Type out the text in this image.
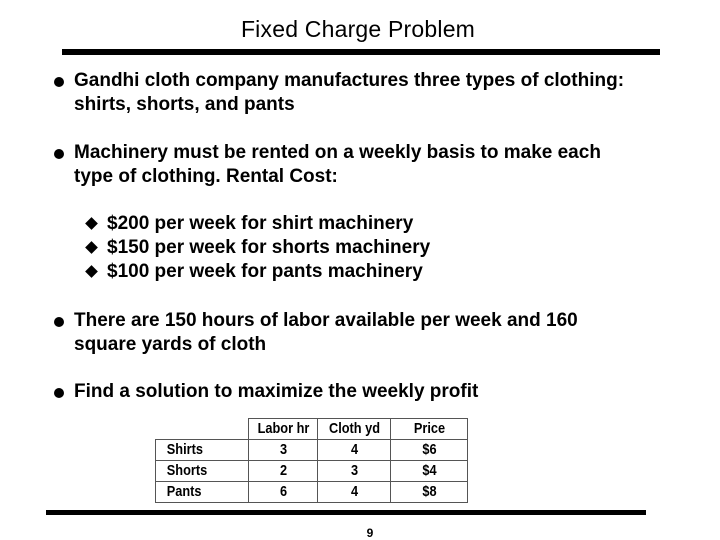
Fixed Charge Problem
Gandhi cloth company manufactures three types of clothing: shirts, shorts, and pants
Machinery must be rented on a weekly basis to make each type of clothing. Rental Cost:
$200 per week for shirt machinery
$150 per week for shorts machinery
$100 per week for pants machinery
There are 150 hours of labor available per week and 160 square yards of cloth
Find a solution to maximize the weekly profit
	Labor hr	Cloth yd	Price
Shirts	3	4	$6
Shorts	2	3	$4
Pants	6	4	$8
9
